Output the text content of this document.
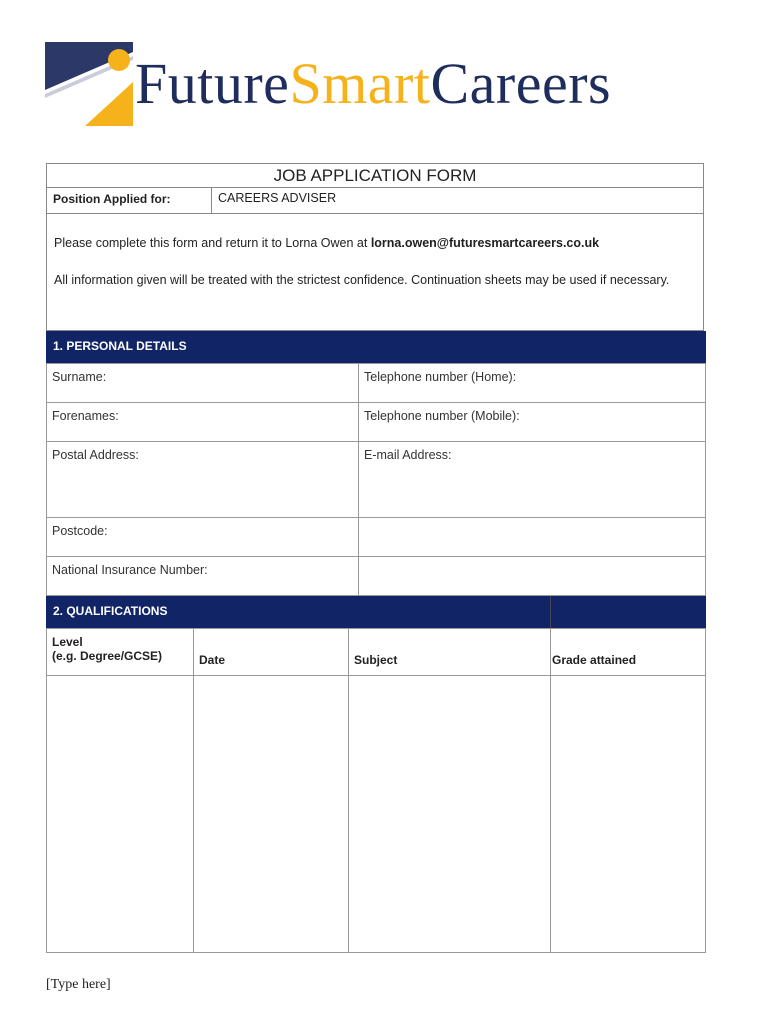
FutureSmartCareers
JOB APPLICATION FORM
Position Applied for:	CAREERS ADVISER
Please complete this form and return it to Lorna Owen at lorna.owen@futuresmartcareers.co.uk
All information given will be treated with the strictest confidence. Continuation sheets may be used if necessary.
1. PERSONAL DETAILS
Surname:	Telephone number (Home):
Forenames:	Telephone number (Mobile):
Postal Address:	E-mail Address:
Postcode:
National Insurance Number:
2. QUALIFICATIONS
Level
(e.g. Degree/GCSE)	Date	Subject	Grade attained
[Type here]
